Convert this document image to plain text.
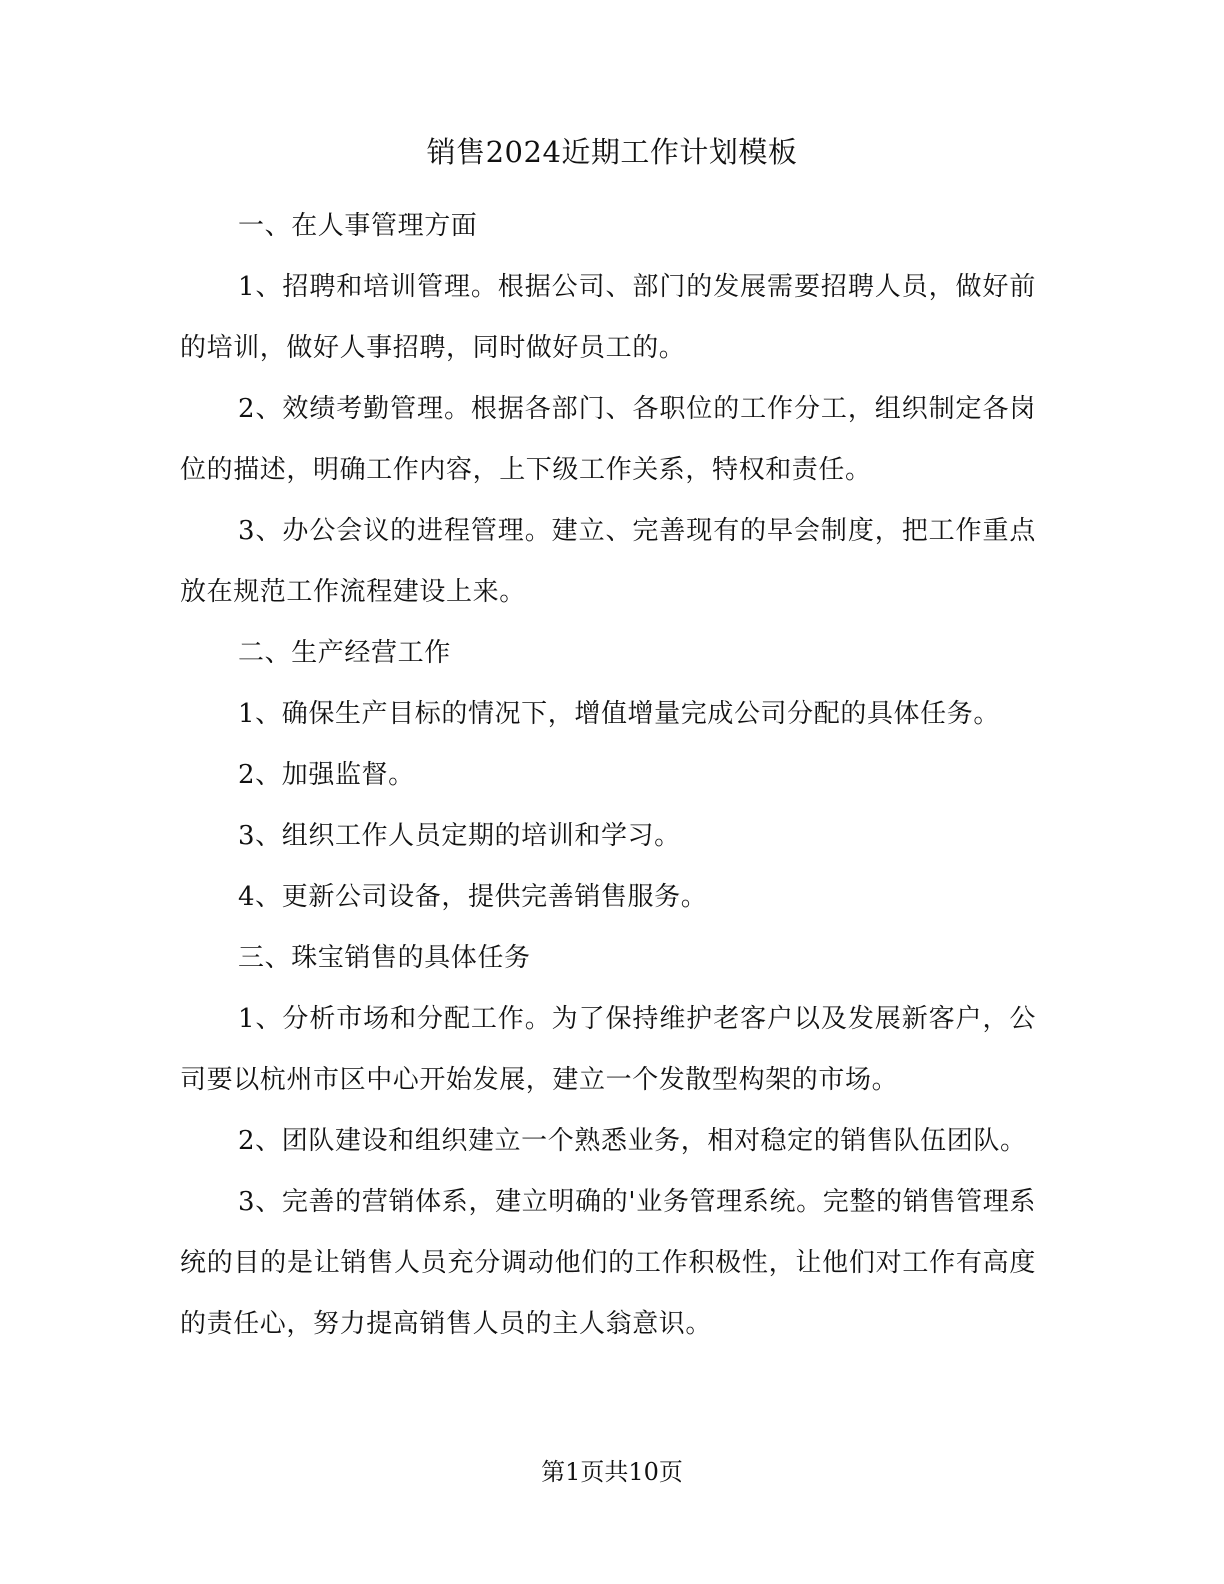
销售2024近期工作计划模板

一、在人事管理方面

1、招聘和培训管理。根据公司、部门的发展需要招聘人员，做好前的培训，做好人事招聘，同时做好员工的。

2、效绩考勤管理。根据各部门、各职位的工作分工，组织制定各岗位的描述，明确工作内容，上下级工作关系，特权和责任。

3、办公会议的进程管理。建立、完善现有的早会制度，把工作重点放在规范工作流程建设上来。

二、生产经营工作

1、确保生产目标的情况下，增值增量完成公司分配的具体任务。

2、加强监督。

3、组织工作人员定期的培训和学习。

4、更新公司设备，提供完善销售服务。

三、珠宝销售的具体任务

1、分析市场和分配工作。为了保持维护老客户以及发展新客户，公司要以杭州市区中心开始发展，建立一个发散型构架的市场。

2、团队建设和组织建立一个熟悉业务，相对稳定的销售队伍团队。

3、完善的营销体系，建立明确的'业务管理系统。完整的销售管理系统的目的是让销售人员充分调动他们的工作积极性，让他们对工作有高度的责任心，努力提高销售人员的主人翁意识。

第1页共10页
